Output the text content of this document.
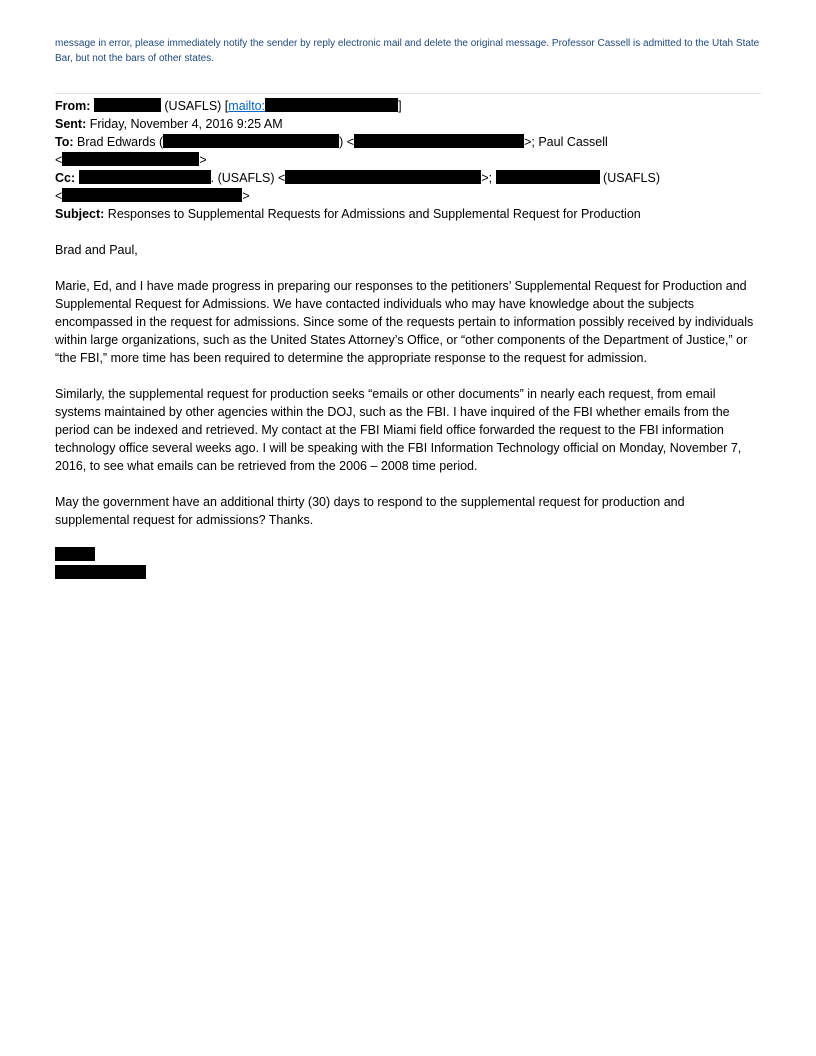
message in error, please immediately notify the sender by reply electronic mail and delete the original message. Professor Cassell is admitted to the Utah State Bar, but not the bars of other states.

From:	(USAFLS) [mailto:	]
Sent: Friday, November 4, 2016 9:25 AM
To: Brad Edwards (	) <	>; Paul Cassell
<	>
Cc:	. (USAFLS) <	>;	(USAFLS)
<	>
Subject: Responses to Supplemental Requests for Admissions and Supplemental Request for Production

Brad and Paul,

Marie, Ed, and I have made progress in preparing our responses to the petitioners’ Supplemental Request for Production and Supplemental Request for Admissions. We have contacted individuals who may have knowledge about the subjects encompassed in the request for admissions. Since some of the requests pertain to information possibly received by individuals within large organizations, such as the United States Attorney’s Office, or “other components of the Department of Justice,” or “the FBI,” more time has been required to determine the appropriate response to the request for admission.

Similarly, the supplemental request for production seeks “emails or other documents” in nearly each request, from email systems maintained by other agencies within the DOJ, such as the FBI. I have inquired of the FBI whether emails from the period can be indexed and retrieved. My contact at the FBI Miami field office forwarded the request to the FBI information technology office several weeks ago. I will be speaking with the FBI Information Technology official on Monday, November 7, 2016, to see what emails can be retrieved from the 2006 – 2008 time period.

May the government have an additional thirty (30) days to respond to the supplemental request for production and supplemental request for admissions? Thanks.
